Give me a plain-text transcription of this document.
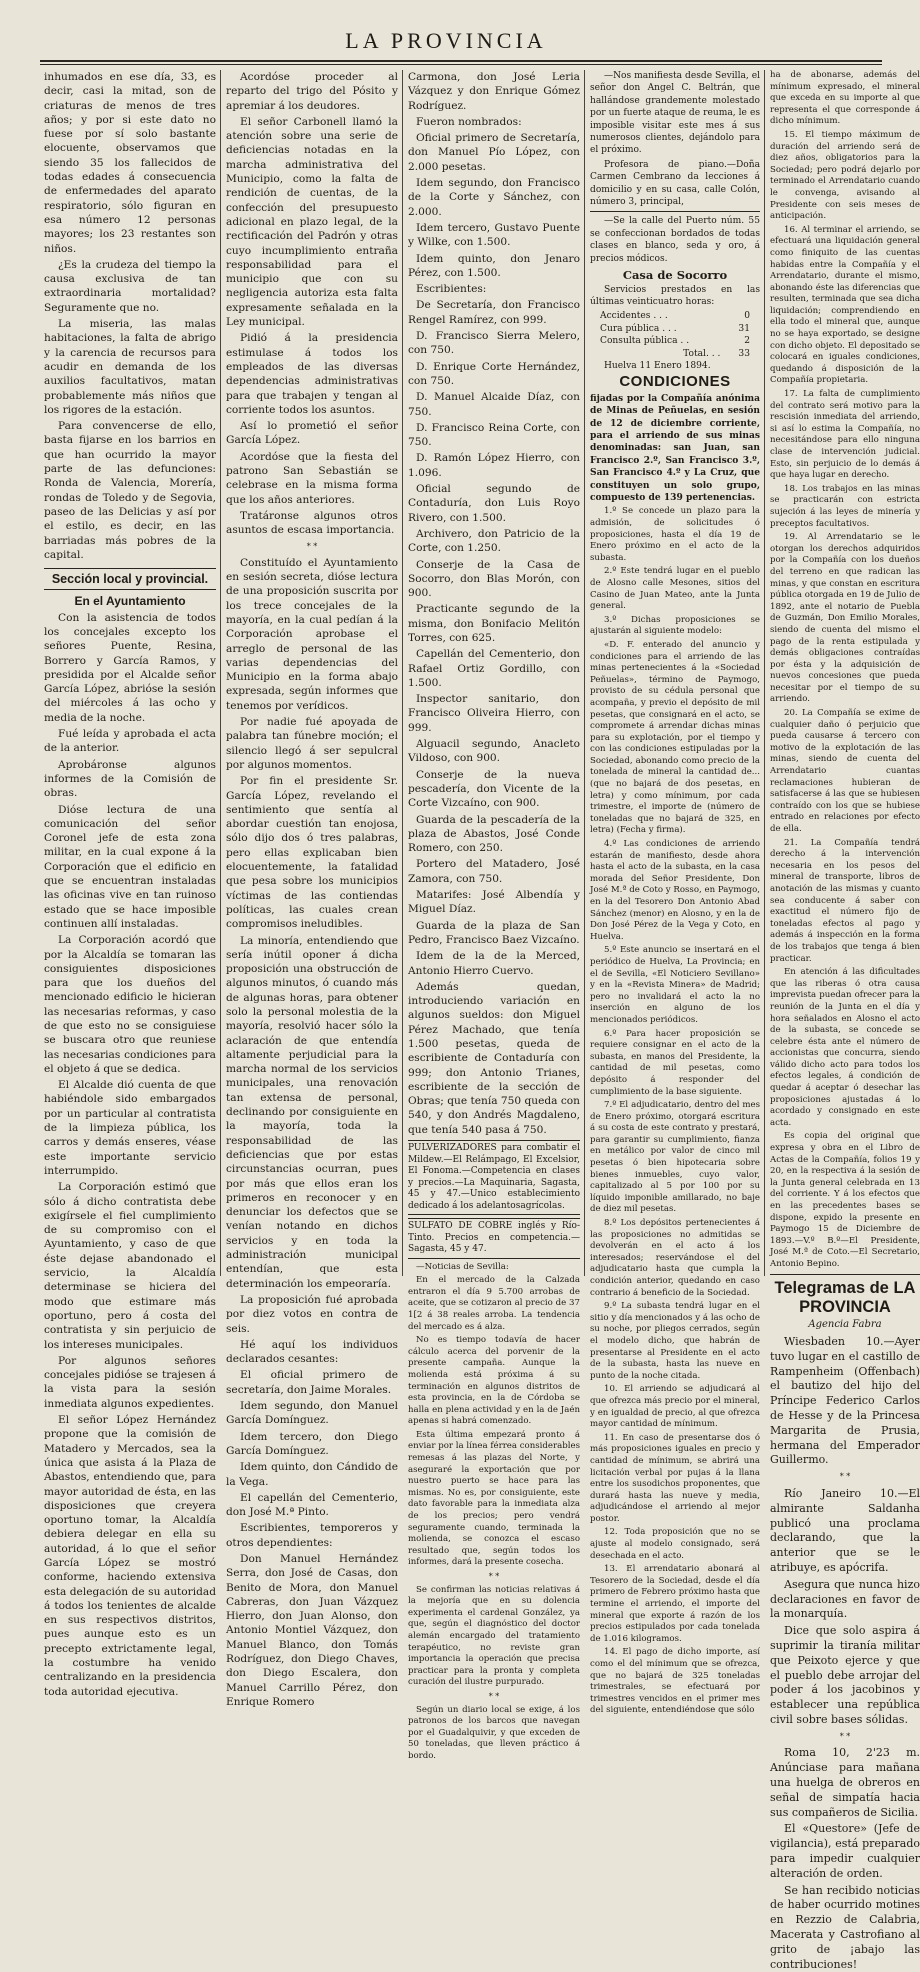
LA PROVINCIA

inhumados en ese día, 33, es decir, casi la mitad, son de criaturas de menos de tres años; y por si este dato no fuese por sí solo bastante elocuente, observamos que siendo 35 los fallecidos de todas edades á consecuencia de enfermedades del aparato respiratorio, sólo figuran en esa número 12 personas mayores; los 23 restantes son niños.

¿Es la crudeza del tiempo la causa exclusiva de tan extraordinaria mortalidad? Seguramente que no.

La miseria, las malas habitaciones, la falta de abrigo y la carencia de recursos para acudir en demanda de los auxilios facultativos, matan probablemente más niños que los rigores de la estación.

Para convencerse de ello, basta fijarse en los barrios en que han ocurrido la mayor parte de las defunciones: Ronda de Valencia, Morería, rondas de Toledo y de Segovia, paseo de las Delicias y así por el estilo, es decir, en las barriadas más pobres de la capital.

Sección local y provincial.
En el Ayuntamiento

Con la asistencia de todos los concejales excepto los señores Puente, Resina, Borrero y García Ramos, y presidida por el Alcalde señor García López, abrióse la sesión del miércoles á las ocho y media de la noche.

Fué leída y aprobada el acta de la anterior.

Aprobáronse algunos informes de la Comisión de obras.

Dióse lectura de una comunicación del señor Coronel jefe de esta zona militar, en la cual expone á la Corporación que el edificio en que se encuentran instaladas las oficinas vive en tan ruinoso estado que se hace imposible continuen allí instaladas.

La Corporación acordó que por la Alcaldía se tomaran las consiguientes disposiciones para que los dueños del mencionado edificio le hicieran las necesarias reformas, y caso de que esto no se consiguiese se buscara otro que reuniese las necesarias condiciones para el objeto á que se dedica.

El Alcalde dió cuenta de que habiéndole sido embargados por un particular al contratista de la limpieza pública, los carros y demás enseres, véase este importante servicio interrumpido.

La Corporación estimó que sólo á dicho contratista debe exigírsele el fiel cumplimiento de su compromiso con el Ayuntamiento, y caso de que éste dejase abandonado el servicio, la Alcaldía determinase se hiciera del modo que estimare más oportuno, pero á costa del contratista y sin perjuicio de los intereses municipales.

Por algunos señores concejales pidióse se trajesen á la vista para la sesión inmediata algunos expedientes.

El señor López Hernández propone que la comisión de Matadero y Mercados, sea la única que asista á la Plaza de Abastos, entendiendo que, para mayor autoridad de ésta, en las disposiciones que creyera oportuno tomar, la Alcaldía debiera delegar en ella su autoridad, á lo que el señor García López se mostró conforme, haciendo extensiva esta delegación de su autoridad á todos los tenientes de alcalde en sus respectivos distritos, pues aunque esto es un precepto extrictamente legal, la costumbre ha venido centralizando en la presidencia toda autoridad ejecutiva.

Acordóse proceder al reparto del trigo del Pósito y apremiar á los deudores.

El señor Carbonell llamó la atención sobre una serie de deficiencias notadas en la marcha administrativa del Municipio, como la falta de rendición de cuentas, de la confección del presupuesto adicional en plazo legal, de la rectificación del Padrón y otras cuyo incumplimiento entraña responsabilidad para el municipio que con su negligencia autoriza esta falta expresamente señalada en la Ley municipal.

Pidió á la presidencia estimulase á todos los empleados de las diversas dependencias administrativas para que trabajen y tengan al corriente todos los asuntos.

Así lo prometió el señor García López.

Acordóse que la fiesta del patrono San Sebastián se celebrase en la misma forma que los años anteriores.

Tratáronse algunos otros asuntos de escasa importancia.

* *

Constituído el Ayuntamiento en sesión secreta, dióse lectura de una proposición suscrita por los trece concejales de la mayoría, en la cual pedían á la Corporación aprobase el arreglo de personal de las varias dependencias del Municipio en la forma abajo expresada, según informes que tenemos por verídicos.

Por nadie fué apoyada de palabra tan fúnebre moción; el silencio llegó á ser sepulcral por algunos momentos.

Por fin el presidente Sr. García López, revelando el sentimiento que sentía al abordar cuestión tan enojosa, sólo dijo dos ó tres palabras, pero ellas explicaban bien elocuentemente, la fatalidad que pesa sobre los municipios víctimas de las contiendas políticas, las cuales crean compromisos ineludibles.

La minoría, entendiendo que sería inútil oponer á dicha proposición una obstrucción de algunos minutos, ó cuando más de algunas horas, para obtener solo la personal molestia de la mayoría, resolvió hacer sólo la aclaración de que entendía altamente perjudicial para la marcha normal de los servicios municipales, una renovación tan extensa de personal, declinando por consiguiente en la mayoría, toda la responsabilidad de las deficiencias que por estas circunstancias ocurran, pues por más que ellos eran los primeros en reconocer y en denunciar los defectos que se venían notando en dichos servicios y en toda la administración municipal entendían, que esta determinación los empeoraría.

La proposición fué aprobada por diez votos en contra de seis.

Hé aquí los individuos declarados cesantes:

El oficial primero de secretaría, don Jaime Morales.

Idem segundo, don Manuel García Domínguez.

Idem tercero, don Diego García Domínguez.

Idem quinto, don Cándido de la Vega.

El capellán del Cementerio, don José M.ª Pinto.

Escribientes, temporeros y otros dependientes:

Don Manuel Hernández Serra, don José de Casas, don Benito de Mora, don Manuel Cabreras, don Juan Vázquez Hierro, don Juan Alonso, don Antonio Montiel Vázquez, don Manuel Blanco, don Tomás Rodríguez, don Diego Chaves, don Diego Escalera, don Manuel Carrillo Pérez, don Enrique Romero

Carmona, don José Leria Vázquez y don Enrique Gómez Rodríguez.

Fueron nombrados:

Oficial primero de Secretaría, don Manuel Pío López, con 2.000 pesetas.

Idem segundo, don Francisco de la Corte y Sánchez, con 2.000.

Idem tercero, Gustavo Puente y Wilke, con 1.500.

Idem quinto, don Jenaro Pérez, con 1.500.

Escribientes:

De Secretaría, don Francisco Rengel Ramírez, con 999.

D. Francisco Sierra Melero, con 750.

D. Enrique Corte Hernández, con 750.

D. Manuel Alcaide Díaz, con 750.

D. Francisco Reina Corte, con 750.

D. Ramón López Hierro, con 1.096.

Oficial segundo de Contaduría, don Luis Royo Rivero, con 1.500.

Archivero, don Patricio de la Corte, con 1.250.

Conserje de la Casa de Socorro, don Blas Morón, con 900.

Practicante segundo de la misma, don Bonifacio Melitón Torres, con 625.

Capellán del Cementerio, don Rafael Ortiz Gordillo, con 1.500.

Inspector sanitario, don Francisco Oliveira Hierro, con 999.

Alguacil segundo, Anacleto Vildoso, con 900.

Conserje de la nueva pescadería, don Vicente de la Corte Vizcaíno, con 900.

Guarda de la pescadería de la plaza de Abastos, José Conde Romero, con 250.

Portero del Matadero, José Zamora, con 750.

Matarifes: José Albendía y Miguel Díaz.

Guarda de la plaza de San Pedro, Francisco Baez Vizcaíno.

Idem de la de la Merced, Antonio Hierro Cuervo.

Además quedan, introduciendo variación en algunos sueldos: don Miguel Pérez Machado, que tenía 1.500 pesetas, queda de escribiente de Contaduría con 999; don Antonio Trianes, escribiente de la sección de Obras; que tenía 750 queda con 540, y don Andrés Magdaleno, que tenía 540 pasa á 750.

PULVERIZADORES para combatir el Mildew.—El Relámpago, El Excelsior, El Fonoma.—Competencia en clases y precios.—La Maquinaria, Sagasta, 45 y 47.—Unico establecimiento dedicado á los adelantosagrícolas.
SULFATO DE COBRE inglés y Río-Tinto. Precios en competencia.—Sagasta, 45 y 47.

—Noticias de Sevilla:

En el mercado de la Calzada entraron el día 9 5.700 arrobas de aceite, que se cotizaron al precio de 37 1[2 á 38 reales arroba. La tendencia del mercado es á alza.

No es tiempo todavía de hacer cálculo acerca del porvenir de la presente campaña. Aunque la molienda está próxima á su terminación en algunos distritos de esta provincia, en la de Córdoba se halla en plena actividad y en la de Jaén apenas si habrá comenzado.

Esta última empezará pronto á enviar por la línea férrea considerables remesas á las plazas del Norte, y aseguraré la exportación que por nuestro puerto se hace para las mismas. No es, por consiguiente, este dato favorable para la inmediata alza de los precios; pero vendrá seguramente cuando, terminada la molienda, se conozca el escaso resultado que, según todos los informes, dará la presente cosecha.

* *

Se confirman las noticias relativas á la mejoría que en su dolencia experimenta el cardenal González, ya que, según el diagnóstico del doctor alemán encargado del tratamiento terapéutico, no reviste gran importancia la operación que precisa practicar para la pronta y completa curación del ilustre purpurado.

* *

Según un diario local se exige, á los patronos de los barcos que navegan por el Guadalquivir, y que exceden de 50 toneladas, que lleven práctico á bordo.

—Nos manifiesta desde Sevilla, el señor don Angel C. Beltrán, que hallándose grandemente molestado por un fuerte ataque de reuma, le es imposible visitar este mes á sus numerosos clientes, dejándolo para el próximo.

Profesora de piano.—Doña Carmen Cembrano da lecciones á domicilio y en su casa, calle Colón, número 3, principal,

—Se la calle del Puerto núm. 55 se confeccionan bordados de todas clases en blanco, seda y oro, á precios módicos.

Casa de Socorro

Servicios prestados en las últimas veinticuatro horas:

Accidentes . . .	0
Cura pública . . .	31
Consulta pública . .	2
Total. . . 33

Huelva 11 Enero 1894.

CONDICIONES

fijadas por la Compañía anónima de Minas de Peñuelas, en sesión de 12 de diciembre corriente, para el arriendo de sus minas denominadas: san Juan, san Francisco 2.º, San Francisco 3.º, San Francisco 4.º y La Cruz, que constituyen un solo grupo, compuesto de 139 pertenencias.

1.º Se concede un plazo para la admisión, de solicitudes ó proposiciones, hasta el día 19 de Enero próximo en el acto de la subasta.

2.º Este tendrá lugar en el pueblo de Alosno calle Mesones, sitios del Casino de Juan Mateo, ante la Junta general.

3.º Dichas proposiciones se ajustarán al siguiente modelo:

«D. F. enterado del anuncio y condiciones para el arriendo de las minas pertenecientes á la «Sociedad Peñuelas», término de Paymogo, provisto de su cédula personal que acompaña, y previo el depósito de mil pesetas, que consignará en el acto, se compromete á arrendar dichas minas para su explotación, por el tiempo y con las condiciones estipuladas por la Sociedad, abonando como precio de la tonelada de mineral la cantidad de...(que no bajará de dos pesetas, en letra) y como mínimum, por cada trimestre, el importe de (número de toneladas que no bajará de 325, en letra) (Fecha y firma).

4.º Las condiciones de arriendo estarán de manifiesto, desde ahora hasta el acto de la subasta, en la casa morada del Señor Presidente, Don José M.ª de Coto y Rosso, en Paymogo, en la del Tesorero Don Antonio Abad Sánchez (menor) en Alosno, y en la de Don José Pérez de la Vega y Coto, en Huelva.

5.º Este anuncio se insertará en el periódico de Huelva, La Provincia; en el de Sevilla, «El Noticiero Sevillano» y en la «Revista Minera» de Madrid; pero no invalidará el acto la no inserción en alguno de los mencionados periódicos.

6.º Para hacer proposición se requiere consignar en el acto de la subasta, en manos del Presidente, la cantidad de mil pesetas, como depósito á responder del cumplimiento de la base siguiente.

7.º El adjudicatario, dentro del mes de Enero próximo, otorgará escritura á su costa de este contrato y prestará, para garantir su cumplimiento, fianza en metálico por valor de cinco mil pesetas ó bien hipotecaria sobre bienes inmuebles, cuyo valor, capitalizado al 5 por 100 por su líquido imponible amillarado, no baje de diez mil pesetas.

8.º Los depósitos pertenecientes á las proposiciones no admitidas se devolverán en el acto á los interesados; reservándose el del adjudicatario hasta que cumpla la condición anterior, quedando en caso contrario á beneficio de la Sociedad.

9.º La subasta tendrá lugar en el sitio y día mencionados y á las ocho de su noche, por pliegos cerrados, según el modelo dicho, que habrán de presentarse al Presidente en el acto de la subasta, hasta las nueve en punto de la noche citada.

10. El arriendo se adjudicará al que ofrezca más precio por el mineral, y en igualdad de precio, al que ofrezca mayor cantidad de mínimum.

11. En caso de presentarse dos ó más proposiciones iguales en precio y cantidad de mínimum, se abrirá una licitación verbal por pujas á la llana entre los susodichos proponentes, que durará hasta las nueve y media, adjudicándose el arriendo al mejor postor.

12. Toda proposición que no se ajuste al modelo consignado, será desechada en el acto.

13. El arrendatario abonará al Tesorero de la Sociedad, desde el día primero de Febrero próximo hasta que termine el arriendo, el importe del mineral que exporte á razón de los precios estipulados por cada tonelada de 1.016 kilogramos.

14. El pago de dicho importe, así como el del mínimum que se ofrezca, que no bajará de 325 toneladas trimestrales, se efectuará por trimestres vencidos en el primer mes del siguiente, entendiéndose que sólo

ha de abonarse, además del mínimum expresado, el mineral que exceda en su importe al que representa el que corresponde á dicho mínimum.

15. El tiempo máximum de duración del arriendo será de diez años, obligatorios para la Sociedad; pero podrá dejarlo por terminado el Arrendatario cuando le convenga, avisando al Presidente con seis meses de anticipación.

16. Al terminar el arriendo, se efectuará una liquidación general como finiquito de las cuentas habidas entre la Compañía y el Arrendatario, durante el mismo, abonando éste las diferencias que resulten, terminada que sea dicha liquidación; comprendiendo en ella todo el mineral que, aunque no se haya exportado, se designe con dicho objeto. El depositado se colocará en iguales condiciones, quedando á disposición de la Compañía propietaria.

17. La falta de cumplimiento del contrato será motivo para la rescisión inmediata del arriendo, si así lo estima la Compañía, no necesitándose para ello ninguna clase de intervención judicial. Esto, sin perjuicio de lo demás á que haya lugar en derecho.

18. Los trabajos en las minas se practicarán con estricta sujeción á las leyes de minería y preceptos facultativos.

19. Al Arrendatario se le otorgan los derechos adquiridos por la Compañía con los dueños del terreno en que radican las minas, y que constan en escritura pública otorgada en 19 de Julio de 1892, ante el notario de Puebla de Guzmán, Don Emilio Morales, siendo de cuenta del mismo el pago de la renta estipulada y demás obligaciones contraídas por ésta y la adquisición de nuevos concesiones que pueda necesitar por el tiempo de su arriendo.

20. La Compañía se exime de cualquier daño ó perjuicio que pueda causarse á tercero con motivo de la explotación de las minas, siendo de cuenta del Arrendatario cuantas reclamaciones hubieran de satisfacerse á las que se hubiesen contraído con los que se hubiese entrado en relaciones por efecto de ella.

21. La Compañía tendrá derecho á la intervención necesaria en los pesos del mineral de transporte, libros de anotación de las mismas y cuanto sea conducente á saber con exactitud el número fijo de toneladas efectos al pago y además á inspección en la forma de los trabajos que tenga á bien practicar.

En atención á las dificultades que las riberas ó otra causa imprevista puedan ofrecer para la reunión de la Junta en el día y hora señalados en Alosno el acto de la subasta, se concede se celebre ésta ante el número de accionistas que concurra, siendo válido dicho acto para todos los efectos legales, á condición de quedar á aceptar ó desechar las proposiciones ajustadas á lo acordado y consignado en este acta.

Es copia del original que expresa y obra en el Libro de Actas de la Compañía, folios 19 y 20, en la respectiva á la sesión de la Junta general celebrada en 13 del corriente. Y á los efectos que en las precedentes bases se dispone, expido la presente en Paymogo 15 de Diciembre de 1893.—V.º B.º—El Presidente, José M.ª de Coto.—El Secretario, Antonio Bepino.

Telegramas de LA PROVINCIA
Agencia Fabra

Wiesbaden 10.—Ayer tuvo lugar en el castillo de Rampenheim (Offenbach) el bautizo del hijo del Príncipe Federico Carlos de Hesse y de la Princesa Margarita de Prusia, hermana del Emperador Guillermo.

* *

Río Janeiro 10.—El almirante Saldanha publicó una proclama declarando, que la anterior que se le atribuye, es apócrifa.

Asegura que nunca hizo declaraciones en favor de la monarquía.

Dice que solo aspira á suprimir la tiranía militar que Peixoto ejerce y que el pueblo debe arrojar del poder á los jacobinos y establecer una república civil sobre bases sólidas.

* *

Roma 10, 2'23 m. Anúnciase para mañana una huelga de obreros en señal de simpatía hacia sus compañeros de Sicilia.

El «Questore» (Jefe de vigilancia), está preparado para impedir cualquier alteración de orden.

Se han recibido noticias de haber ocurrido motines en Rezzio de Calabria, Macerata y Castrofiano al grito de ¡abajo las contribuciones!
